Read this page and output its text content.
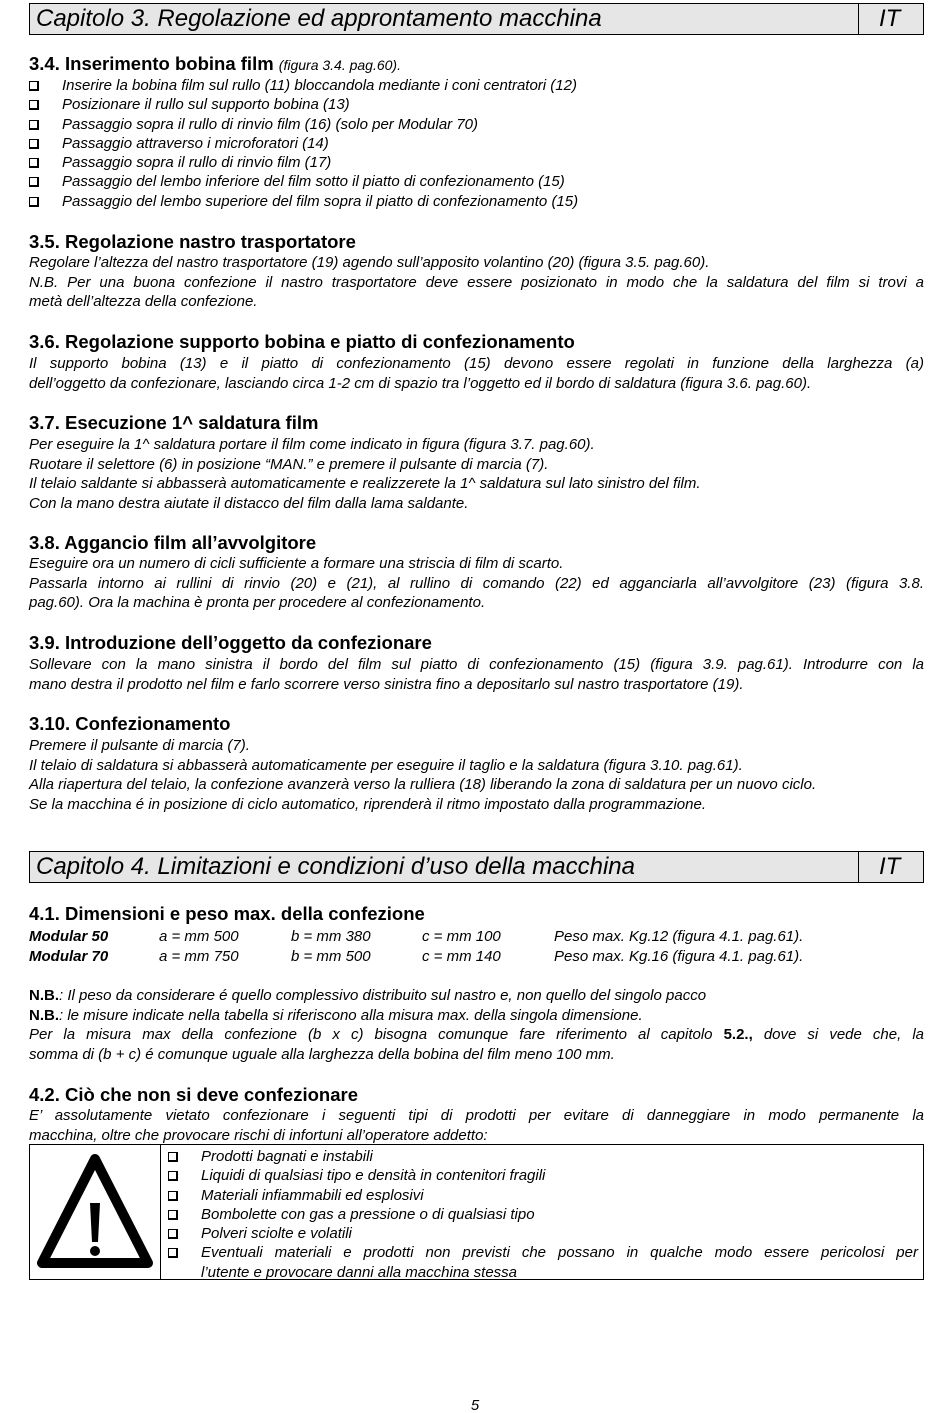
Capitolo 3. Regolazione ed approntamento macchina	IT
3.4. Inserimento bobina film (figura 3.4. pag.60).
Inserire la bobina film sul rullo (11) bloccandola mediante i coni centratori (12)
Posizionare il rullo sul supporto bobina (13)
Passaggio sopra il rullo di rinvio film (16) (solo per Modular 70)
Passaggio attraverso i microforatori (14)
Passaggio sopra il rullo di rinvio film (17)
Passaggio del lembo inferiore del film sotto il piatto di confezionamento (15)
Passaggio del lembo superiore del film sopra il piatto di confezionamento (15)
3.5. Regolazione nastro trasportatore
Regolare l’altezza del nastro trasportatore (19) agendo sull’apposito volantino (20) (figura 3.5. pag.60).
N.B. Per una buona confezione il nastro trasportatore deve essere posizionato in modo che la saldatura del film si trovi a
metà dell’altezza della confezione.
3.6. Regolazione supporto bobina e piatto di confezionamento
Il supporto bobina (13) e il piatto di confezionamento (15) devono essere regolati in funzione della larghezza (a)
dell’oggetto da confezionare, lasciando circa 1-2 cm di spazio tra l’oggetto ed il bordo di saldatura (figura 3.6. pag.60).
3.7. Esecuzione 1^ saldatura film
Per eseguire la 1^ saldatura portare il film come indicato in figura (figura 3.7. pag.60).
Ruotare il selettore (6) in posizione “MAN.” e premere il pulsante di marcia (7).
Il telaio saldante si abbasserà automaticamente e realizzerete la 1^ saldatura sul lato sinistro del film.
Con la mano destra aiutate il distacco del film dalla lama saldante.
3.8. Aggancio film all’avvolgitore
Eseguire ora un numero di cicli sufficiente a formare una striscia di film di scarto.
Passarla intorno ai rullini di rinvio (20) e (21), al rullino di comando (22) ed agganciarla all’avvolgitore (23) (figura 3.8.
pag.60). Ora la machina è pronta per procedere al confezionamento.
3.9. Introduzione dell’oggetto da confezionare
Sollevare con la mano sinistra il bordo del film sul piatto di confezionamento (15) (figura 3.9. pag.61). Introdurre con la
mano destra il prodotto nel film e farlo scorrere verso sinistra fino a depositarlo sul nastro trasportatore (19).
3.10. Confezionamento
Premere il pulsante di marcia (7).
Il telaio di saldatura si abbasserà automaticamente per eseguire il taglio e la saldatura (figura 3.10. pag.61).
Alla riapertura del telaio, la confezione avanzerà verso la rulliera (18) liberando la zona di saldatura per un nuovo ciclo.
Se la macchina é in posizione di ciclo automatico, riprenderà il ritmo impostato dalla programmazione.
Capitolo 4. Limitazioni e condizioni d’uso della macchina	IT
4.1. Dimensioni e peso max. della confezione
Modular 50	a = mm 500	b = mm 380	c = mm 100	Peso max. Kg.12 (figura 4.1. pag.61).
Modular 70	a = mm 750	b = mm 500	c = mm 140	Peso max. Kg.16 (figura 4.1. pag.61).
N.B.: Il peso da considerare é quello complessivo distribuito sul nastro e, non quello del singolo pacco
N.B.: le misure indicate nella tabella si riferiscono alla misura max. della singola dimensione.
Per la misura max della confezione (b x c) bisogna comunque fare riferimento al capitolo 5.2., dove si vede che, la
somma di (b + c) é comunque uguale alla larghezza della bobina del film meno 100 mm.
4.2. Ciò che non si deve confezionare
E’ assolutamente vietato confezionare i seguenti tipi di prodotti per evitare di danneggiare in modo permanente la
macchina, oltre che provocare rischi di infortuni all’operatore addetto:
Prodotti bagnati e instabili
Liquidi di qualsiasi tipo e densità in contenitori fragili
Materiali infiammabili ed esplosivi
Bombolette con gas a pressione o di qualsiasi tipo
Polveri sciolte e volatili
Eventuali materiali e prodotti non previsti che possano in qualche modo essere pericolosi per
l’utente e provocare danni alla macchina stessa
5
